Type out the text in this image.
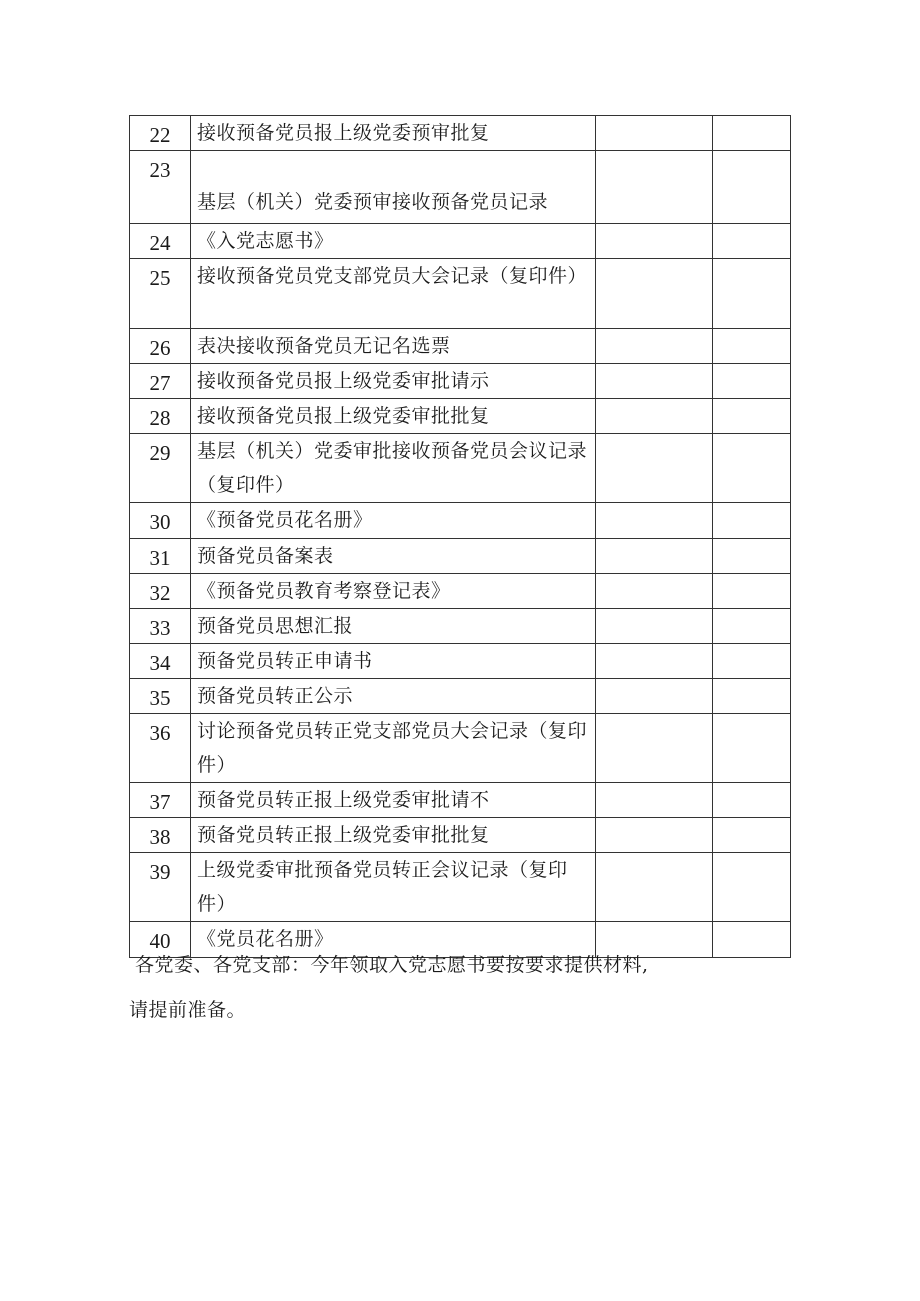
22	接收预备党员报上级党委预审批复		
23	基层（机关）党委预审接收预备党员记录		
24	《入党志愿书》		
25	接收预备党员党支部党员大会记录（复印件）		
26	表决接收预备党员无记名选票		
27	接收预备党员报上级党委审批请示		
28	接收预备党员报上级党委审批批复		
29	基层（机关）党委审批接收预备党员会议记录（复印件）		
30	《预备党员花名册》		
31	预备党员备案表		
32	《预备党员教育考察登记表》		
33	预备党员思想汇报		
34	预备党员转正申请书		
35	预备党员转正公示		
36	讨论预备党员转正党支部党员大会记录（复印件）		
37	预备党员转正报上级党委审批请不		
38	预备党员转正报上级党委审批批复		
39	上级党委审批预备党员转正会议记录（复印件）		
40	《党员花名册》		
各党委、各党支部：今年领取入党志愿书要按要求提供材料,
请提前准备。
